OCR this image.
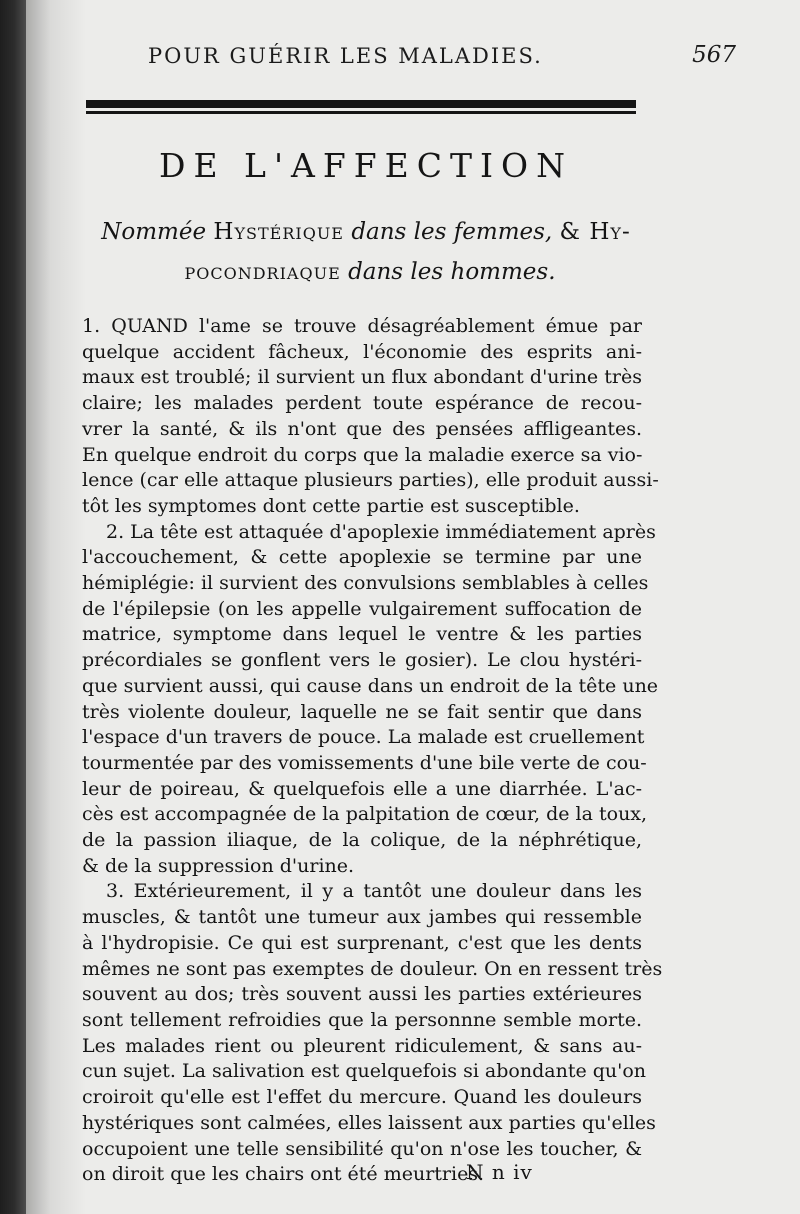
POUR GUÉRIR LES MALADIES.	567
DE L'AFFECTION
Nommée Hystérique dans les femmes, & Hy-
pocondriaque dans les hommes.
1. QUAND l'ame se trouve désagréablement émue par
quelque accident fâcheux, l'économie des esprits ani-
maux est troublé; il survient un flux abondant d'urine très
claire; les malades perdent toute espérance de recou-
vrer la santé, & ils n'ont que des pensées affligeantes.
En quelque endroit du corps que la maladie exerce sa vio-
lence (car elle attaque plusieurs parties), elle produit aussi-
tôt les symptomes dont cette partie est susceptible.
2. La tête est attaquée d'apoplexie immédiatement après
l'accouchement, & cette apoplexie se termine par une
hémiplégie: il survient des convulsions semblables à celles
de l'épilepsie (on les appelle vulgairement suffocation de
matrice, symptome dans lequel le ventre & les parties
précordiales se gonflent vers le gosier). Le clou hystéri-
que survient aussi, qui cause dans un endroit de la tête une
très violente douleur, laquelle ne se fait sentir que dans
l'espace d'un travers de pouce. La malade est cruellement
tourmentée par des vomissements d'une bile verte de cou-
leur de poireau, & quelquefois elle a une diarrhée. L'ac-
cès est accompagnée de la palpitation de cœur, de la toux,
de la passion iliaque, de la colique, de la néphrétique,
& de la suppression d'urine.
3. Extérieurement, il y a tantôt une douleur dans les
muscles, & tantôt une tumeur aux jambes qui ressemble
à l'hydropisie. Ce qui est surprenant, c'est que les dents
mêmes ne sont pas exemptes de douleur. On en ressent très
souvent au dos; très souvent aussi les parties extérieures
sont tellement refroidies que la personnne semble morte.
Les malades rient ou pleurent ridiculement, & sans au-
cun sujet. La salivation est quelquefois si abondante qu'on
croiroit qu'elle est l'effet du mercure. Quand les douleurs
hystériques sont calmées, elles laissent aux parties qu'elles
occupoient une telle sensibilité qu'on n'ose les toucher, &
on diroit que les chairs ont été meurtries.
N n iv
